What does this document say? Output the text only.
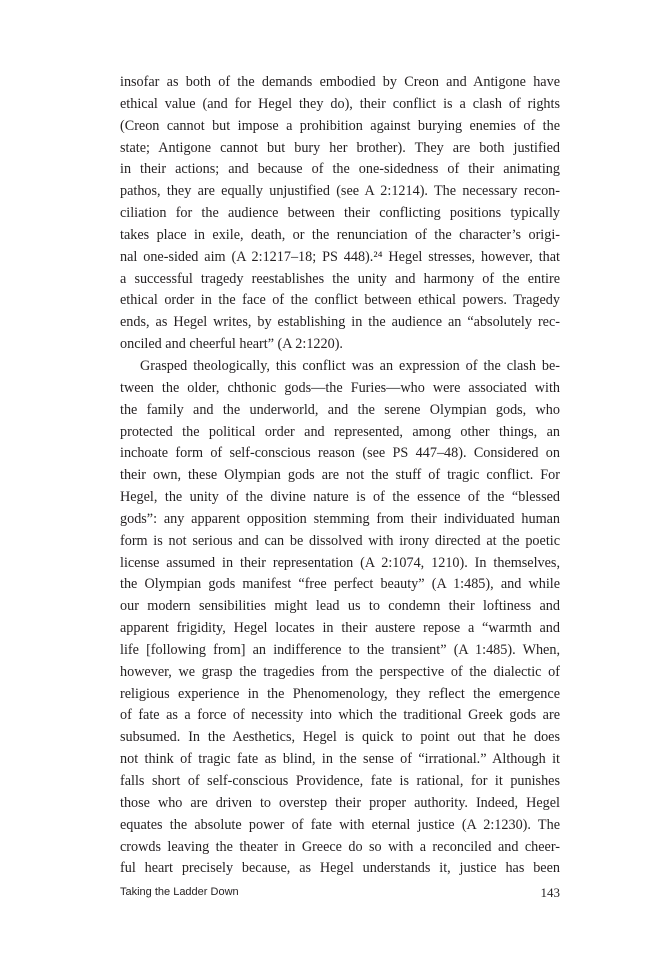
insofar as both of the demands embodied by Creon and Antigone have
ethical value (and for Hegel they do), their conflict is a clash of rights
(Creon cannot but impose a prohibition against burying enemies of the
state; Antigone cannot but bury her brother). They are both justified
in their actions; and because of the one-sidedness of their animating
pathos, they are equally unjustified (see A 2:1214). The necessary recon-
ciliation for the audience between their conflicting positions typically
takes place in exile, death, or the renunciation of the character’s origi-
nal one-sided aim (A 2:1217–18; PS 448).²⁴ Hegel stresses, however, that
a successful tragedy reestablishes the unity and harmony of the entire
ethical order in the face of the conflict between ethical powers. Tragedy
ends, as Hegel writes, by establishing in the audience an “absolutely rec-
onciled and cheerful heart” (A 2:1220).
Grasped theologically, this conflict was an expression of the clash be-
tween the older, chthonic gods—the Furies—who were associated with
the family and the underworld, and the serene Olympian gods, who
protected the political order and represented, among other things, an
inchoate form of self-conscious reason (see PS 447–48). Considered on
their own, these Olympian gods are not the stuff of tragic conflict. For
Hegel, the unity of the divine nature is of the essence of the “blessed
gods”: any apparent opposition stemming from their individuated human
form is not serious and can be dissolved with irony directed at the poetic
license assumed in their representation (A 2:1074, 1210). In themselves,
the Olympian gods manifest “free perfect beauty” (A 1:485), and while
our modern sensibilities might lead us to condemn their loftiness and
apparent frigidity, Hegel locates in their austere repose a “warmth and
life [following from] an indifference to the transient” (A 1:485). When,
however, we grasp the tragedies from the perspective of the dialectic of
religious experience in the Phenomenology, they reflect the emergence
of fate as a force of necessity into which the traditional Greek gods are
subsumed. In the Aesthetics, Hegel is quick to point out that he does
not think of tragic fate as blind, in the sense of “irrational.” Although it
falls short of self-conscious Providence, fate is rational, for it punishes
those who are driven to overstep their proper authority. Indeed, Hegel
equates the absolute power of fate with eternal justice (A 2:1230). The
crowds leaving the theater in Greece do so with a reconciled and cheer-
ful heart precisely because, as Hegel understands it, justice has been
Taking the Ladder Down	143
